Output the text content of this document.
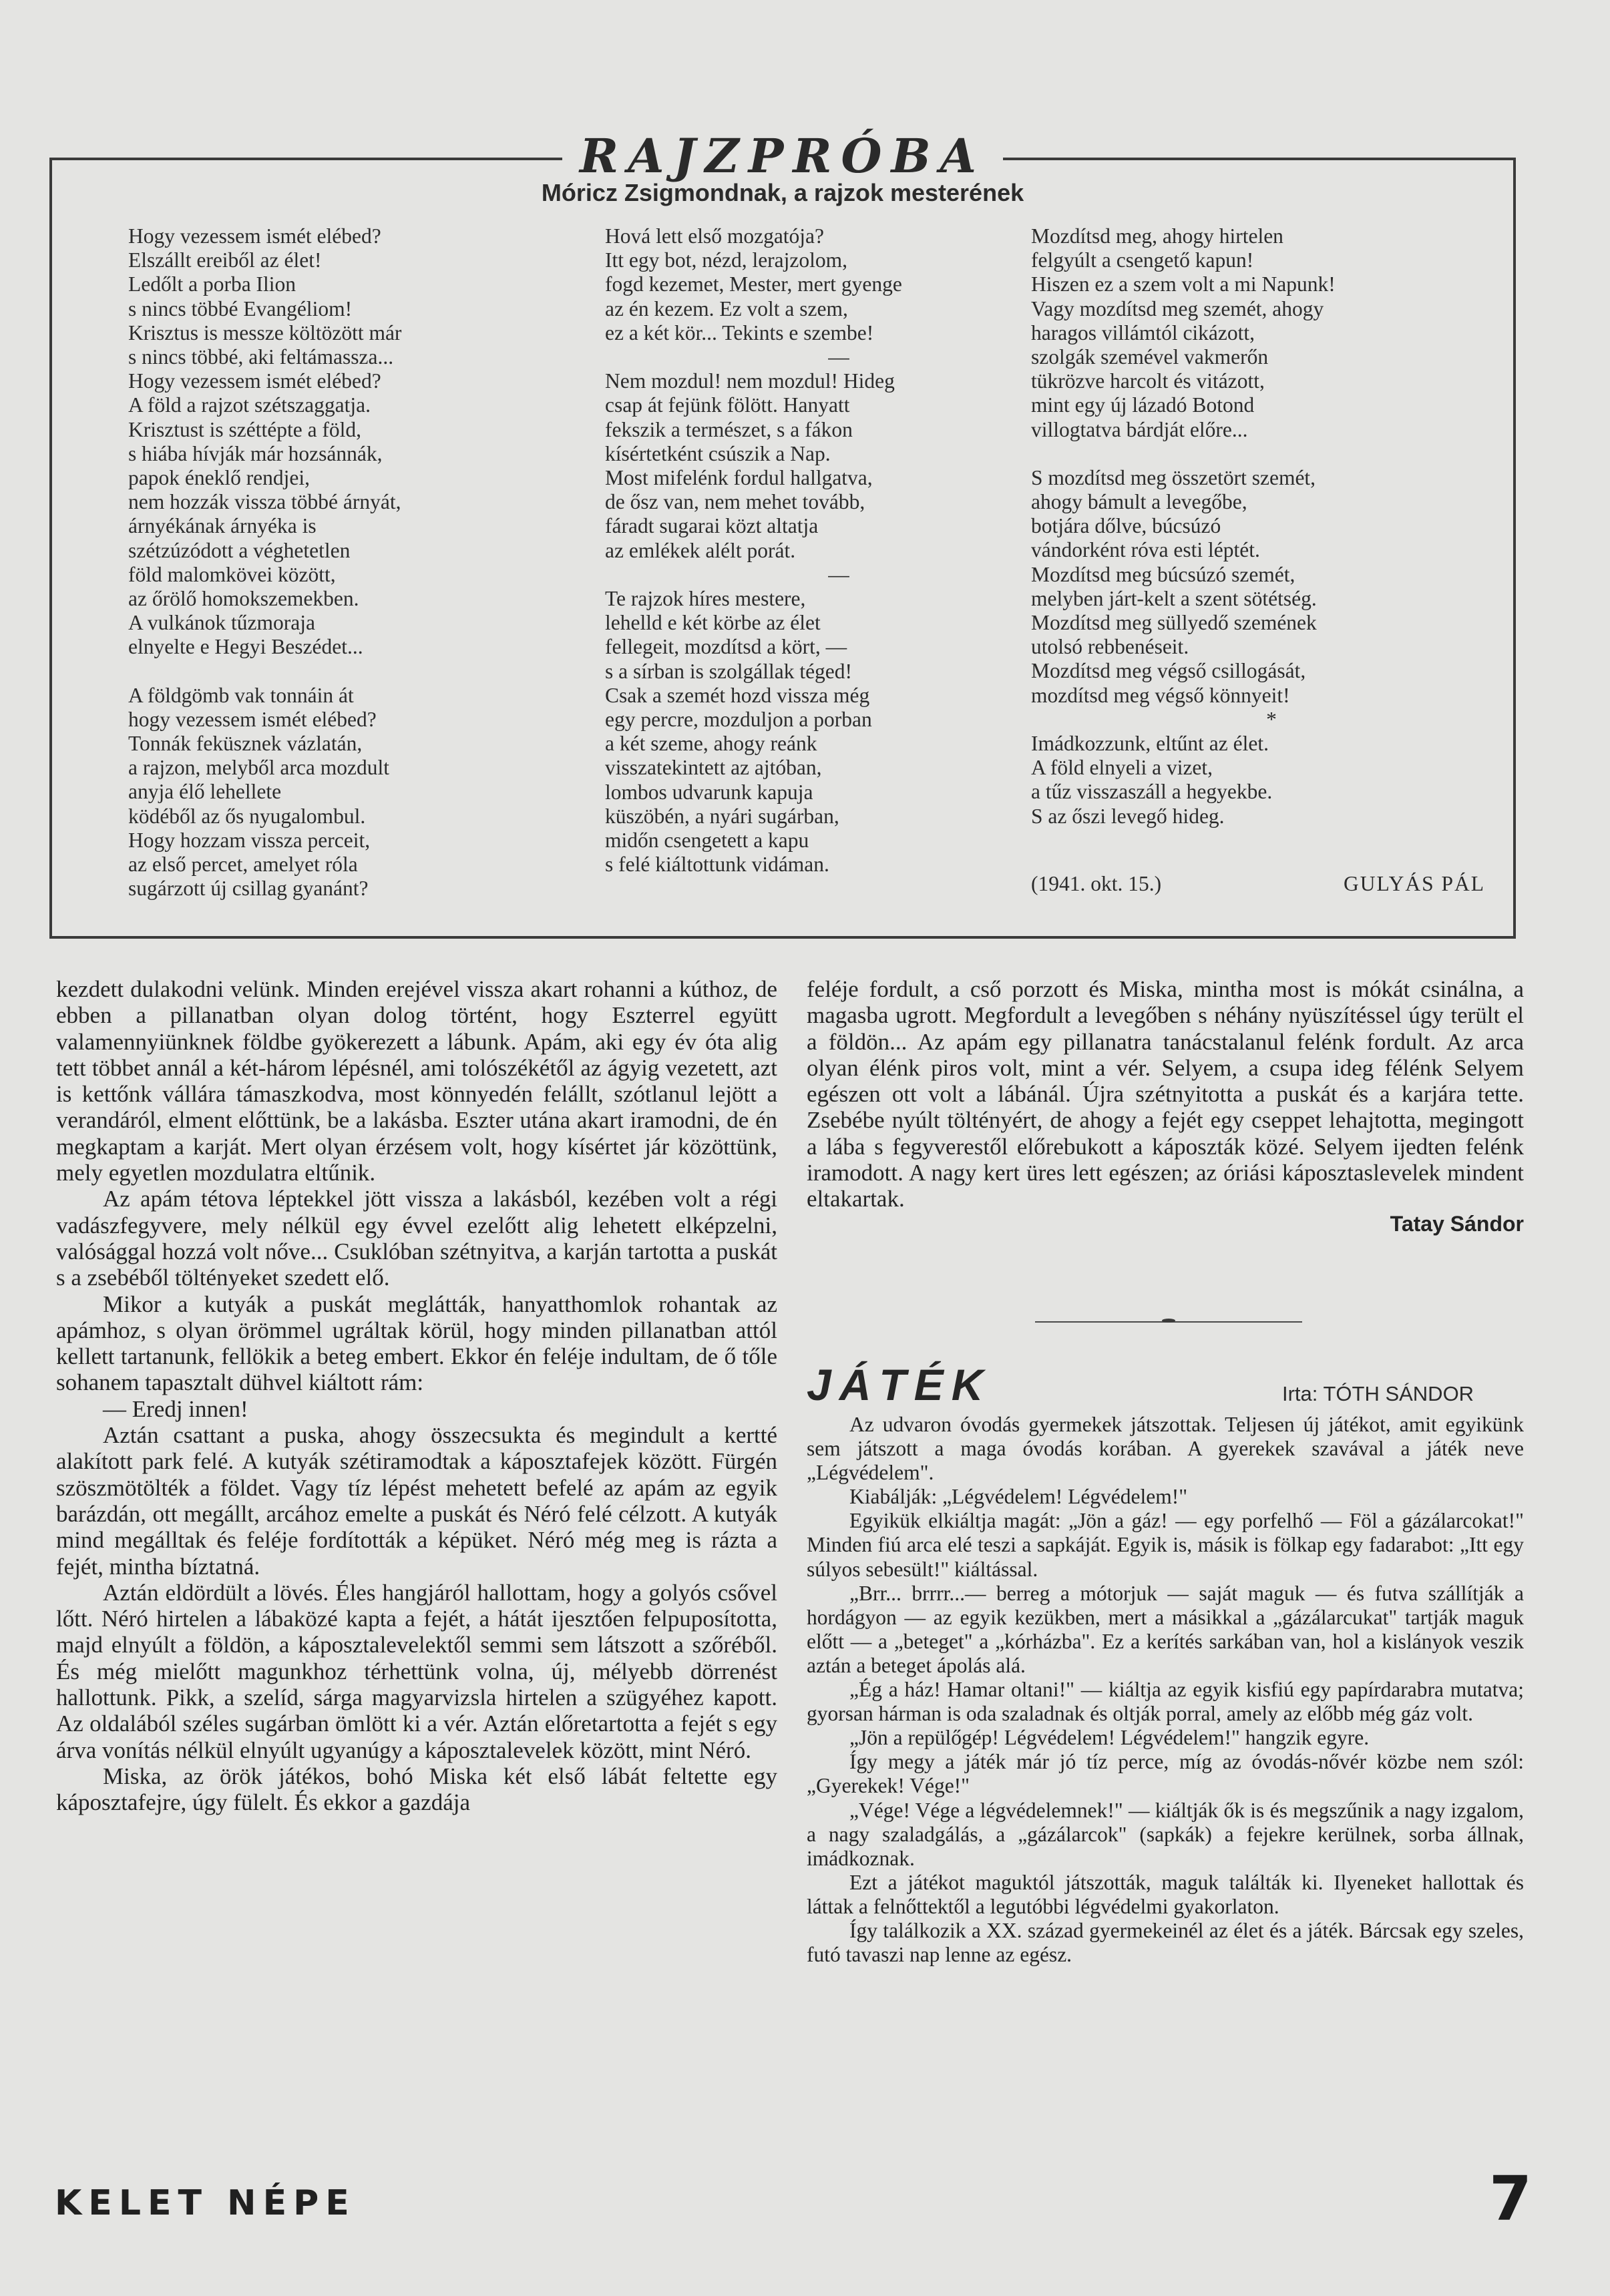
RAJZPRÓBA
Móricz Zsigmondnak, a rajzok mesterének
Hogy vezessem ismét elébed?
Elszállt ereiből az élet!
Ledőlt a porba Ilion
s nincs többé Evangéliom!
Krisztus is messze költözött már
s nincs többé, aki feltámassza...
Hogy vezessem ismét elébed?
A föld a rajzot szétszaggatja.
Krisztust is széttépte a föld,
s hiába hívják már hozsánnák,
papok éneklő rendjei,
nem hozzák vissza többé árnyát,
árnyékának árnyéka is
szétzúzódott a véghetetlen
föld malomkövei között,
az őrölő homokszemekben.
A vulkánok tűzmoraja
elnyelte e Hegyi Beszédet...
A földgömb vak tonnáin át
hogy vezessem ismét elébed?
Tonnák feküsznek vázlatán,
a rajzon, melyből arca mozdult
anyja élő lehellete
ködéből az ős nyugalombul.
Hogy hozzam vissza perceit,
az első percet, amelyet róla
sugárzott új csillag gyanánt?
Hová lett első mozgatója?
Itt egy bot, nézd, lerajzolom,
fogd kezemet, Mester, mert gyenge
az én kezem. Ez volt a szem,
ez a két kör... Tekints e szembe!
—
Nem mozdul! nem mozdul! Hideg
csap át fejünk fölött. Hanyatt
fekszik a természet, s a fákon
kísértetként csúszik a Nap.
Most mifelénk fordul hallgatva,
de ősz van, nem mehet tovább,
fáradt sugarai közt altatja
az emlékek alélt porát.
—
Te rajzok híres mestere,
lehelld e két körbe az élet
fellegeit, mozdítsd a kört, —
s a sírban is szolgállak téged!
Csak a szemét hozd vissza még
egy percre, mozduljon a porban
a két szeme, ahogy reánk
visszatekintett az ajtóban,
lombos udvarunk kapuja
küszöbén, a nyári sugárban,
midőn csengetett a kapu
s felé kiáltottunk vidáman.
Mozdítsd meg, ahogy hirtelen
felgyúlt a csengető kapun!
Hiszen ez a szem volt a mi Napunk!
Vagy mozdítsd meg szemét, ahogy
haragos villámtól cikázott,
szolgák szemével vakmerőn
tükrözve harcolt és vitázott,
mint egy új lázadó Botond
villogtatva bárdját előre...
S mozdítsd meg összetört szemét,
ahogy bámult a levegőbe,
botjára dőlve, búcsúzó
vándorként róva esti léptét.
Mozdítsd meg búcsúzó szemét,
melyben járt-kelt a szent sötétség.
Mozdítsd meg süllyedő szemének
utolsó rebbenéseit.
Mozdítsd meg végső csillogását,
mozdítsd meg végső könnyeit!
*
Imádkozzunk, eltűnt az élet.
A föld elnyeli a vizet,
a tűz visszaszáll a hegyekbe.
S az őszi levegő hideg.
(1941. okt. 15.)	GULYÁS PÁL

kezdett dulakodni velünk. Minden erejével vissza akart rohanni a kúthoz, de ebben a pillanatban olyan dolog történt, hogy Eszterrel együtt valamennyiünknek földbe gyökerezett a lábunk. Apám, aki egy év óta alig tett többet annál a két-három lépésnél, ami tolószékétől az ágyig vezetett, azt is kettőnk vállára támaszkodva, most könnyedén felállt, szótlanul lejött a verandáról, elment előttünk, be a lakásba. Eszter utána akart iramodni, de én megkaptam a karját. Mert olyan érzésem volt, hogy kísértet jár közöttünk, mely egyetlen mozdulatra eltűnik.

Az apám tétova léptekkel jött vissza a lakásból, kezében volt a régi vadászfegyvere, mely nélkül egy évvel ezelőtt alig lehetett elképzelni, valósággal hozzá volt nőve... Csuklóban szétnyitva, a karján tartotta a puskát s a zsebéből töltényeket szedett elő.

Mikor a kutyák a puskát meglátták, hanyatthomlok rohantak az apámhoz, s olyan örömmel ugráltak körül, hogy minden pillanatban attól kellett tartanunk, fellökik a beteg embert. Ekkor én feléje indultam, de ő tőle sohanem tapasztalt dühvel kiáltott rám:

— Eredj innen!

Aztán csattant a puska, ahogy összecsukta és megindult a kertté alakított park felé. A kutyák szétiramodtak a káposztafejek között. Fürgén szöszmötölték a földet. Vagy tíz lépést mehetett befelé az apám az egyik barázdán, ott megállt, arcához emelte a puskát és Néró felé célzott. A kutyák mind megálltak és feléje fordították a képüket. Néró még meg is rázta a fejét, mintha bíztatná.

Aztán eldördült a lövés. Éles hangjáról hallottam, hogy a golyós csővel lőtt. Néró hirtelen a lábaközé kapta a fejét, a hátát ijesztően felpuposította, majd elnyúlt a földön, a káposztalevelektől semmi sem látszott a szőréből. És még mielőtt magunkhoz térhettünk volna, új, mélyebb dörrenést hallottunk. Pikk, a szelíd, sárga magyarvizsla hirtelen a szügyéhez kapott. Az oldalából széles sugárban ömlött ki a vér. Aztán előretartotta a fejét s egy árva vonítás nélkül elnyúlt ugyanúgy a káposztalevelek között, mint Néró.

Miska, az örök játékos, bohó Miska két első lábát feltette egy káposztafejre, úgy fülelt. És ekkor a gazdája

feléje fordult, a cső porzott és Miska, mintha most is mókát csinálna, a magasba ugrott. Megfordult a levegőben s néhány nyüszítéssel úgy terült el a földön... Az apám egy pillanatra tanácstalanul felénk fordult. Az arca olyan élénk piros volt, mint a vér. Selyem, a csupa ideg félénk Selyem egészen ott volt a lábánál. Újra szétnyitotta a puskát és a karjára tette. Zsebébe nyúlt töltényért, de ahogy a fejét egy cseppet lehajtotta, megingott a lába s fegyverestől előrebukott a káposzták közé. Selyem ijedten felénk iramodott. A nagy kert üres lett egészen; az óriási káposztaslevelek mindent eltakartak.

Tatay Sándor
JÁTÉK	Irta: TÓTH SÁNDOR

Az udvaron óvodás gyermekek játszottak. Teljesen új játékot, amit egyikünk sem játszott a maga óvodás korában. A gyerekek szavával a játék neve „Légvédelem".

Kiabálják: „Légvédelem! Légvédelem!"

Egyikük elkiáltja magát: „Jön a gáz! — egy porfelhő — Föl a gázálarcokat!" Minden fiú arca elé teszi a sapkáját. Egyik is, másik is fölkap egy fadarabot: „Itt egy súlyos sebesült!" kiáltással.

„Brr... brrrr...— berreg a mótorjuk — saját maguk — és futva szállítják a hordágyon — az egyik kezükben, mert a másikkal a „gázálarcukat" tartják maguk előtt — a „beteget" a „kórházba". Ez a kerítés sarkában van, hol a kislányok veszik aztán a beteget ápolás alá.

„Ég a ház! Hamar oltani!" — kiáltja az egyik kisfiú egy papírdarabra mutatva; gyorsan hárman is oda szaladnak és oltják porral, amely az előbb még gáz volt.

„Jön a repülőgép! Légvédelem! Légvédelem!" hangzik egyre.

Így megy a játék már jó tíz perce, míg az óvodás-nővér közbe nem szól: „Gyerekek! Vége!"

„Vége! Vége a légvédelemnek!" — kiáltják ők is és megszűnik a nagy izgalom, a nagy szaladgálás, a „gázálarcok" (sapkák) a fejekre kerülnek, sorba állnak, imádkoznak.

Ezt a játékot maguktól játszották, maguk találták ki. Ilyeneket hallottak és láttak a felnőttektől a legutóbbi légvédelmi gyakorlaton.

Így találkozik a XX. század gyermekeinél az élet és a játék. Bárcsak egy szeles, futó tavaszi nap lenne az egész.

KELET NÉPE	7
